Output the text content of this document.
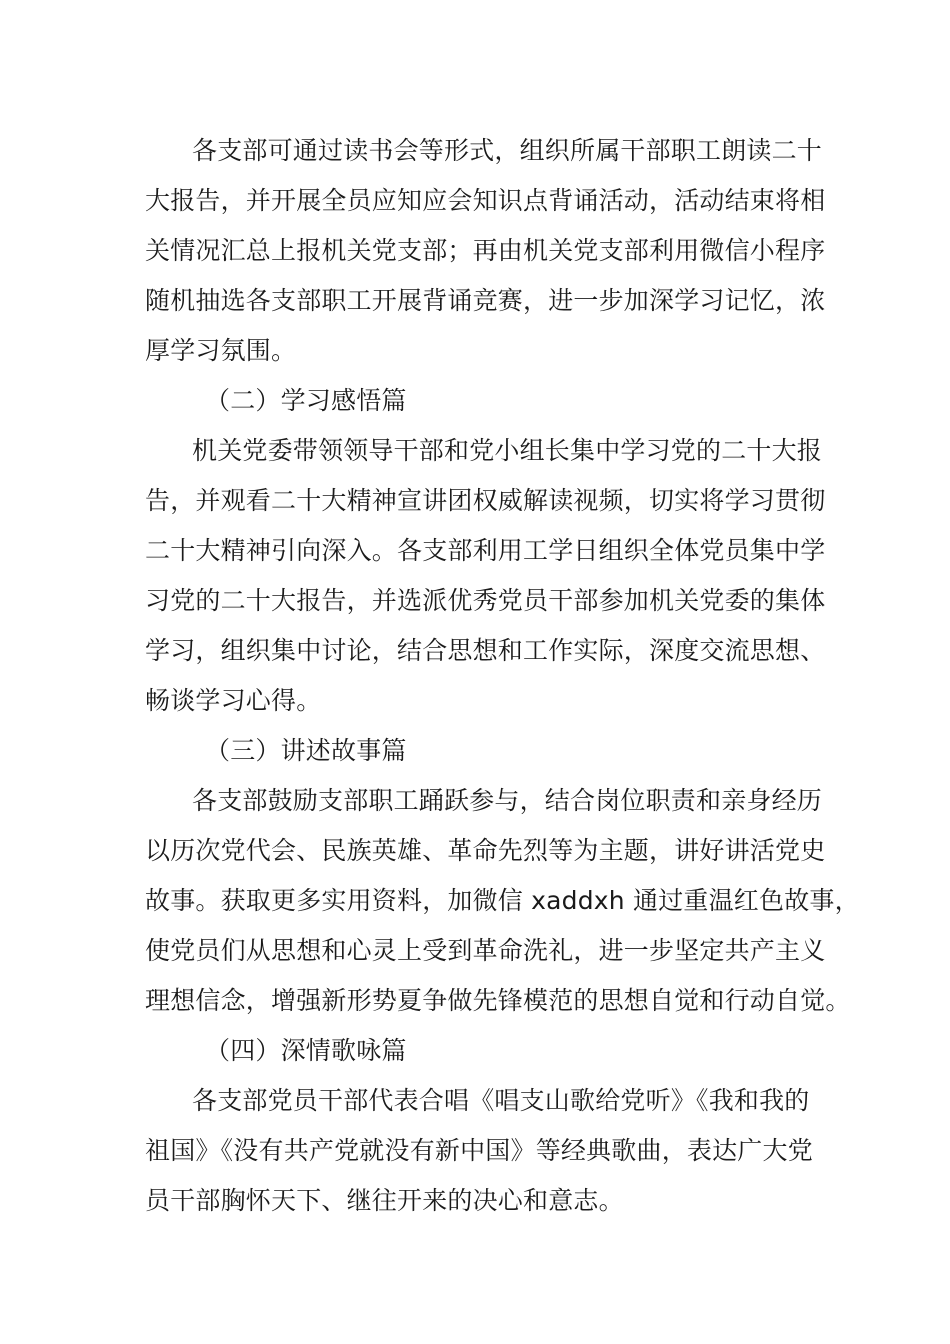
各支部可通过读书会等形式，组织所属干部职工朗读二十
大报告，并开展全员应知应会知识点背诵活动，活动结束将相
关情况汇总上报机关党支部；再由机关党支部利用微信小程序
随机抽选各支部职工开展背诵竞赛，进一步加深学习记忆，浓
厚学习氛围。
（二）学习感悟篇
机关党委带领领导干部和党小组长集中学习党的二十大报
告，并观看二十大精神宣讲团权威解读视频，切实将学习贯彻
二十大精神引向深入。各支部利用工学日组织全体党员集中学
习党的二十大报告，并选派优秀党员干部参加机关党委的集体
学习，组织集中讨论，结合思想和工作实际，深度交流思想、
畅谈学习心得。
（三）讲述故事篇
各支部鼓励支部职工踊跃参与，结合岗位职责和亲身经历
以历次党代会、民族英雄、革命先烈等为主题，讲好讲活党史
故事。获取更多实用资料，加微信 xaddxh 通过重温红色故事，
使党员们从思想和心灵上受到革命洗礼，进一步坚定共产主义
理想信念，增强新形势夏争做先锋模范的思想自觉和行动自觉。
（四）深情歌咏篇
各支部党员干部代表合唱《唱支山歌给党听》《我和我的
祖国》《没有共产党就没有新中国》等经典歌曲，表达广大党
员干部胸怀天下、继往开来的决心和意志。
